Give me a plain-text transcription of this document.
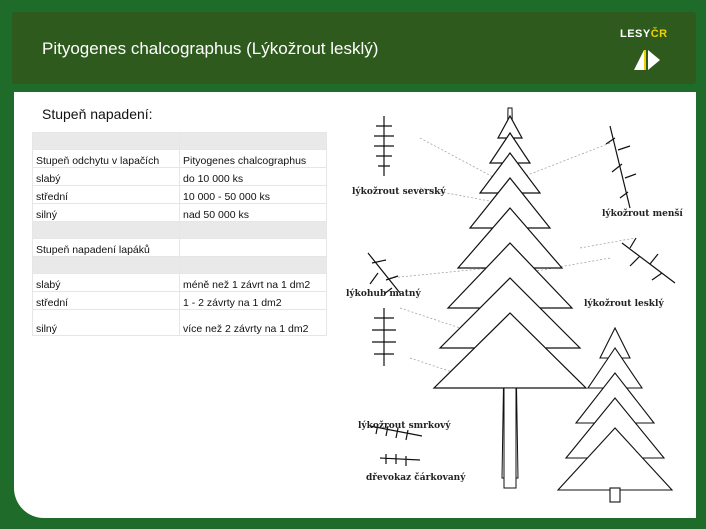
Pityogenes chalcographus (Lýkožrout lesklý)
LESYČR
Stupeň napadení:

Stupeň odchytu v lapačích	Pityogenes chalcographus
slabý	do 10 000 ks
střední	10 000 - 50 000 ks
silný	nad 50 000 ks

Stupeň napadení lapáků	

slabý	méně než 1 závrt na 1 dm2
střední	1 - 2 závrty na 1 dm2
silný	více než 2 závrty na 1 dm2
lýkožrout severský
lýkožrout menší
lýkohub matný
lýkožrout lesklý
lýkožrout smrkový
dřevokaz čárkovaný
